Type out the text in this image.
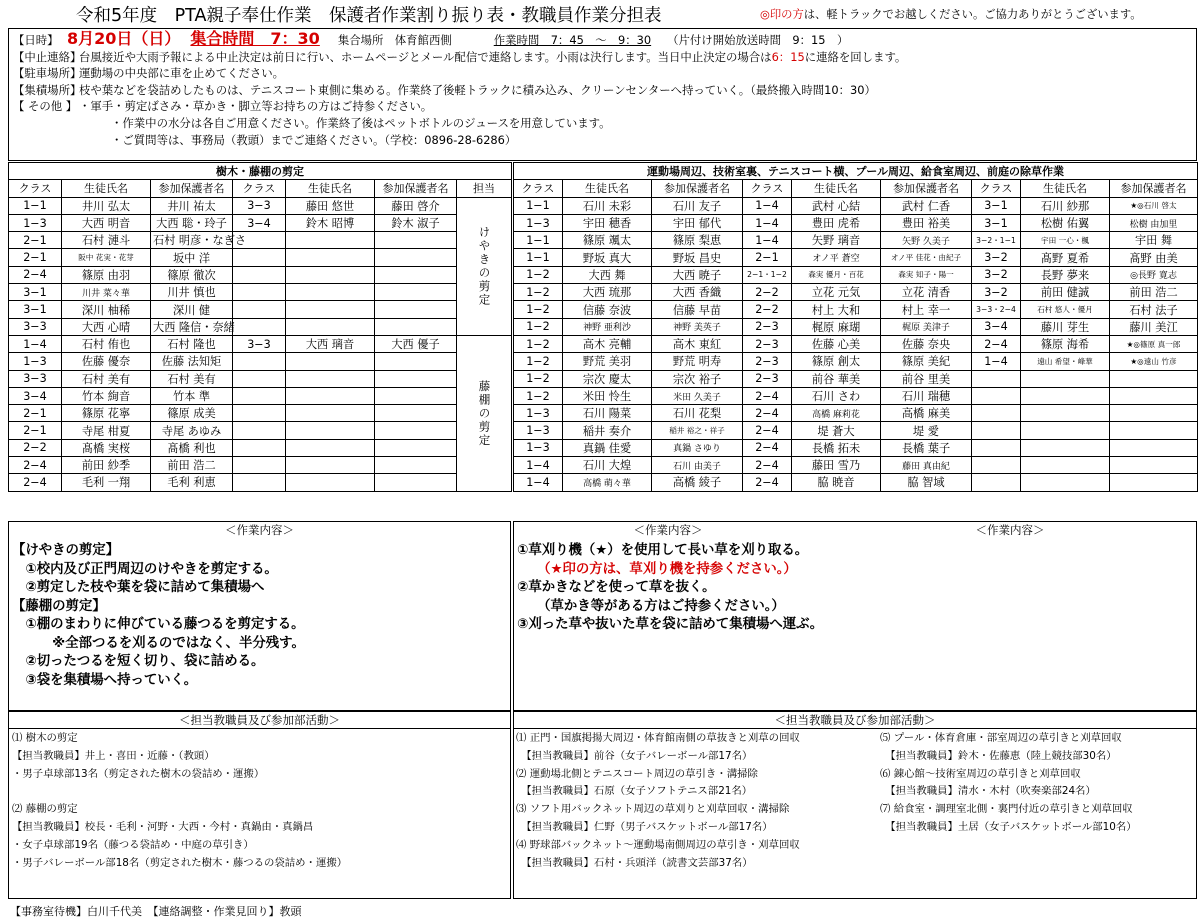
令和5年度　PTA親子奉仕作業　保護者作業割り振り表・教職員作業分担表	◎印の方は、軽トラックでお越しください。ご協力ありがとうございます。
【日時】 8月20日（日） 集合時間　7：30 集合場所　体育館西側	作業時間　7：45　～　9：30 （片付け開始放送時間　9：15　）
【中止連絡】
台風接近や大雨予報による中止決定は前日に行い、ホームページとメール配信で連絡します。小雨は決行します。当日中止決定の場合は 6：15 に連絡を回します。
【駐車場所】
運動場の中央部に車を止めてください。
【集積場所】
枝や葉などを袋詰めしたものは、テニスコート東側に集める。作業終了後軽トラックに積み込み、クリーンセンターへ持っていく。（最終搬入時間10：30）
【 その他 】 ・軍手・剪定ばさみ・草かき・脚立等お持ちの方はご持参ください。
・作業中の水分は各自ご用意ください。作業終了後はペットボトルのジュースを用意しています。
・ご質問等は、事務局（教頭）までご連絡ください。（学校：0896-28-6286）
樹木・藤棚の剪定						
クラス	生徒氏名	参加保護者名	クラス	生徒氏名	参加保護者名	担当
1−1	井川 弘太	井川 祐太	3−3	藤田 悠世	藤田 啓介	けやきの剪定

1−3	大西 明音	大西 聡・玲子	3−4	鈴木 昭博	鈴木 淑子	
2−1	石村 漣斗	石村 明彦・なぎさ				
2−1	阪中 花実・花芽	坂中 洋				
2−4	篠原 由羽	篠原 徹次				
3−1	川井 菜々華	川井 慎也				
3−1	深川 柚稀	深川 健				
3−3	大西 心晴	大西 隆信・奈緒				
1−4	石村 侑也	石村 隆也	3−3	大西 璃音	大西 優子	藤棚の剪定

1−3	佐藤 優奈	佐藤 法知矩				
3−3	石村 美有	石村 美有				
3−4	竹本 絢音	竹本 準				
2−1	篠原 花寧	篠原 成美				
2−1	寺尾 柑夏	寺尾 あゆみ				
2−2	髙橋 実桜	髙橋 利也				
2−4	前田 紗季	前田 浩二				
2−4	毛利 一翔	毛利 利恵				
運動場周辺、技術室裏、テニスコート横、プール周辺、給食室周辺、前庭の除草作業								
クラス	生徒氏名	参加保護者名	クラス	生徒氏名	参加保護者名	クラス	生徒氏名	参加保護者名
1−1	石川 未彩	石川 友子	1−4	武村 心結	武村 仁香	3−1	石川 紗那	★◎石川 啓太
1−3	宇田 穂香	宇田 郁代	1−4	豊田 虎希	豊田 裕美	3−1	松樹 佑翼	松樹 由加里
1−1	篠原 颯太	篠原 梨恵	1−4	矢野 璃音	矢野 久美子	3−2・1−1	宇田 一心・楓	宇田 舞
1−1	野坂 真大	野坂 昌史	2−1	オノ平 蒼空	オノ平 佳花・由紀子	3−2	髙野 夏希	髙野 由美
1−2	大西 舞	大西 暁子	2−1・1−2	森実 優月・百花	森実 知子・陽一	3−2	長野 夢来	◎長野 寛志
1−2	大西 琉那	大西 香織	2−2	立花 元気	立花 清香	3−2	前田 健誠	前田 浩二
1−2	信藤 奈波	信藤 早苗	2−2	村上 大和	村上 幸一	3−3・2−4	石村 悠人・優月	石村 法子
1−2	神野 亜利沙	神野 美英子	2−3	梶原 麻瑚	梶原 美津子	3−4	藤川 芽生	藤川 美江
1−2	高木 亮輔	高木 東紅	2−3	佐藤 心美	佐藤 奈央	2−4	篠原 海希	★◎篠原 真一郎
1−2	野荒 美羽	野荒 明寿	2−3	篠原 創太	篠原 美紀	1−4	遠山 希望・峰華	★◎遠山 竹彦
1−2	宗次 慶太	宗次 裕子	2−3	前谷 華美	前谷 里美			
1−2	米田 怜生	米田 久美子	2−4	石川 さわ	石川 瑞穂			
1−3	石川 陽菜	石川 花梨	2−4	高橋 麻莉花	高橋 麻美			
1−3	稲井 奏介	稲井 裕之・祥子	2−4	堤 蒼大	堤 愛			
1−3	真鍋 佳愛	真鍋 さゆり	2−4	長橋 拓未	長橋 葉子			
1−4	石川 大煌	石川 由美子	2−4	藤田 雪乃	藤田 真由紀			
1−4	高橋 萌々華	高橋 綾子	2−4	脇 暁音	脇 智域			
＜作業内容＞	＜作業内容＞	＜作業内容＞
【けやきの剪定】
　①校内及び正門周辺のけやきを剪定する。
　②剪定した枝や葉を袋に詰めて集積場へ
【藤棚の剪定】
　①棚のまわりに伸びている藤つるを剪定する。
　　　※全部つるを刈るのではなく、半分残す。
　②切ったつるを短く切り、袋に詰める。
　③袋を集積場へ持っていく。
①草刈り機（★）を使用して長い草を刈り取る。
　　（★印の方は、草刈り機を持参ください。）
②草かきなどを使って草を抜く。
　　（草かき等がある方はご持参ください。）
③刈った草や抜いた草を袋に詰めて集積場へ運ぶ。
＜担当教職員及び参加部活動＞	＜担当教職員及び参加部活動＞
⑴ 樹木の剪定
【担当教職員】井上・喜田・近藤・（教頭）
・男子卓球部13名（剪定された樹木の袋詰め・運搬）

⑵ 藤棚の剪定
【担当教職員】校長・毛利・河野・大西・今村・真鍋由・真鍋昌
・女子卓球部19名（藤つる袋詰め・中庭の草引き）
・男子バレーボール部18名（剪定された樹木・藤つるの袋詰め・運搬）
⑴ 正門・国旗掲揚大周辺・体育館南側の草抜きと刈草の回収
　【担当教職員】前谷（女子バレーボール部17名）
⑵ 運動場北側とテニスコート周辺の草引き・溝掃除
　【担当教職員】石原（女子ソフトテニス部21名）
⑶ ソフト用バックネット周辺の草刈りと刈草回収・溝掃除
　【担当教職員】仁野（男子バスケットボール部17名）
⑷ 野球部バックネット～運動場南側周辺の草引き・刈草回収
　【担当教職員】石村・兵頭洋（読書文芸部37名）
⑸ プール・体育倉庫・部室周辺の草引きと刈草回収
　【担当教職員】鈴木・佐藤恵（陸上競技部30名）
⑹ 錬心館～技術室周辺の草引きと刈草回収
　【担当教職員】清水・木村（吹奏楽部24名）
⑺ 給食室・調理室北側・裏門付近の草引きと刈草回収
　【担当教職員】土居（女子バスケットボール部10名）
【事務室待機】白川千代美　【連絡調整・作業見回り】教頭
